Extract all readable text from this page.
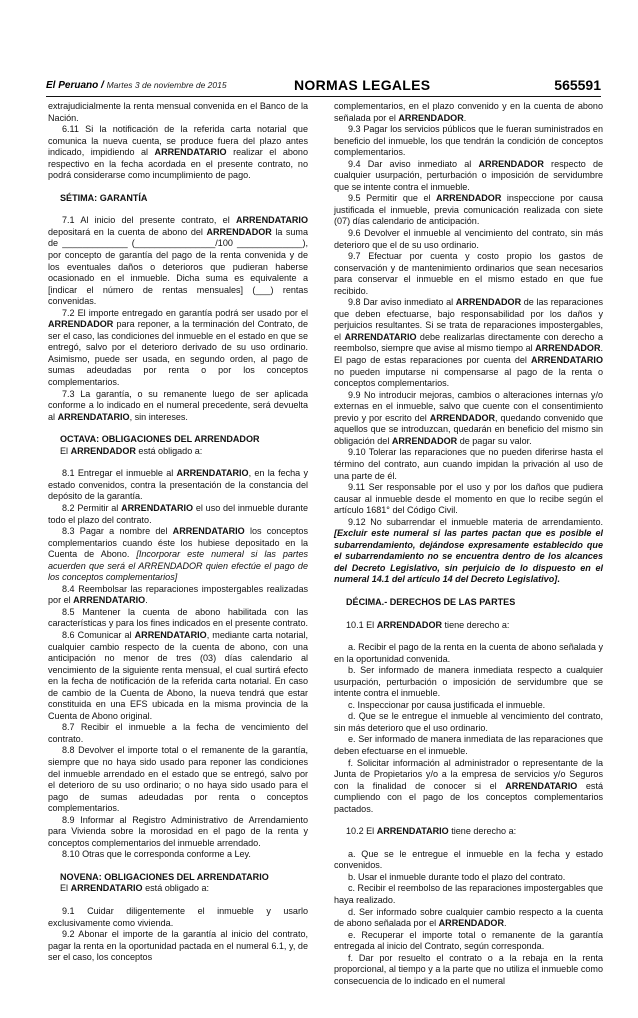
El Peruano / Martes 3 de noviembre de 2015	NORMAS LEGALES	565591

extrajudicialmente la renta mensual convenida en el Banco de la Nación.

6.11 Si la notificación de la referida carta notarial que comunica la nueva cuenta, se produce fuera del plazo antes indicado, impidiendo al ARRENDATARIO realizar el abono respectivo en la fecha acordada en el presente contrato, no podrá considerarse como incumplimiento de pago.

SÉTIMA: GARANTÍA

7.1 Al inicio del presente contrato, el ARRENDATARIO depositará en la cuenta de abono del ARRENDADOR la suma de _____________ (________________/100 _____________), por concepto de garantía del pago de la renta convenida y de los eventuales daños o deterioros que pudieran haberse ocasionado en el inmueble. Dicha suma es equivalente a [indicar el número de rentas mensuales] (___) rentas convenidas.

7.2 El importe entregado en garantía podrá ser usado por el ARRENDADOR para reponer, a la terminación del Contrato, de ser el caso, las condiciones del inmueble en el estado en que se entregó, salvo por el deterioro derivado de su uso ordinario. Asimismo, puede ser usada, en segundo orden, al pago de sumas adeudadas por renta o por los conceptos complementarios.

7.3 La garantía, o su remanente luego de ser aplicada conforme a lo indicado en el numeral precedente, será devuelta al ARRENDATARIO, sin intereses.

OCTAVA: OBLIGACIONES DEL ARRENDADOR

El ARRENDADOR está obligado a:

8.1 Entregar el inmueble al ARRENDATARIO, en la fecha y estado convenidos, contra la presentación de la constancia del depósito de la garantía.

8.2 Permitir al ARRENDATARIO el uso del inmueble durante todo el plazo del contrato.

8.3 Pagar a nombre del ARRENDATARIO los conceptos complementarios cuando éste los hubiese depositado en la Cuenta de Abono. [Incorporar este numeral si las partes acuerden que será el ARRENDADOR quien efectúe el pago de los conceptos complementarios]

8.4 Reembolsar las reparaciones impostergables realizadas por el ARRENDATARIO.

8.5 Mantener la cuenta de abono habilitada con las características y para los fines indicados en el presente contrato.

8.6 Comunicar al ARRENDATARIO, mediante carta notarial, cualquier cambio respecto de la cuenta de abono, con una anticipación no menor de tres (03) días calendario al vencimiento de la siguiente renta mensual, el cual surtirá efecto en la fecha de notificación de la referida carta notarial. En caso de cambio de la Cuenta de Abono, la nueva tendrá que estar constituida en una EFS ubicada en la misma provincia de la Cuenta de Abono original.

8.7 Recibir el inmueble a la fecha de vencimiento del contrato.

8.8 Devolver el importe total o el remanente de la garantía, siempre que no haya sido usado para reponer las condiciones del inmueble arrendado en el estado que se entregó, salvo por el deterioro de su uso ordinario; o no haya sido usado para el pago de sumas adeudadas por renta o conceptos complementarios.

8.9 Informar al Registro Administrativo de Arrendamiento para Vivienda sobre la morosidad en el pago de la renta y conceptos complementarios del inmueble arrendado.

8.10 Otras que le corresponda conforme a Ley.

NOVENA: OBLIGACIONES DEL ARRENDATARIO

El ARRENDATARIO está obligado a:

9.1 Cuidar diligentemente el inmueble y usarlo exclusivamente como vivienda.

9.2 Abonar el importe de la garantía al inicio del contrato, pagar la renta en la oportunidad pactada en el numeral 6.1, y, de ser el caso, los conceptos

complementarios, en el plazo convenido y en la cuenta de abono señalada por el ARRENDADOR.

9.3 Pagar los servicios públicos que le fueran suministrados en beneficio del inmueble, los que tendrán la condición de conceptos complementarios.

9.4 Dar aviso inmediato al ARRENDADOR respecto de cualquier usurpación, perturbación o imposición de servidumbre que se intente contra el inmueble.

9.5 Permitir que el ARRENDADOR inspeccione por causa justificada el inmueble, previa comunicación realizada con siete (07) días calendario de anticipación.

9.6 Devolver el inmueble al vencimiento del contrato, sin más deterioro que el de su uso ordinario.

9.7 Efectuar por cuenta y costo propio los gastos de conservación y de mantenimiento ordinarios que sean necesarios para conservar el inmueble en el mismo estado en que fue recibido.

9.8 Dar aviso inmediato al ARRENDADOR de las reparaciones que deben efectuarse, bajo responsabilidad por los daños y perjuicios resultantes. Si se trata de reparaciones impostergables, el ARRENDATARIO debe realizarlas directamente con derecho a reembolso, siempre que avise al mismo tiempo al ARRENDADOR. El pago de estas reparaciones por cuenta del ARRENDATARIO no pueden imputarse ni compensarse al pago de la renta o conceptos complementarios.

9.9 No introducir mejoras, cambios o alteraciones internas y/o externas en el inmueble, salvo que cuente con el consentimiento previo y por escrito del ARRENDADOR, quedando convenido que aquellos que se introduzcan, quedarán en beneficio del mismo sin obligación del ARRENDADOR de pagar su valor.

9.10 Tolerar las reparaciones que no pueden diferirse hasta el término del contrato, aun cuando impidan la privación al uso de una parte de él.

9.11 Ser responsable por el uso y por los daños que pudiera causar al inmueble desde el momento en que lo recibe según el artículo 1681° del Código Civil.

9.12 No subarrendar el inmueble materia de arrendamiento. [Excluir este numeral si las partes pactan que es posible el subarrendamiento, dejándose expresamente establecido que el subarrendamiento no se encuentra dentro de los alcances del Decreto Legislativo, sin perjuicio de lo dispuesto en el numeral 14.1 del artículo 14 del Decreto Legislativo].

DÉCIMA.- DERECHOS DE LAS PARTES

10.1 El ARRENDADOR tiene derecho a:

a. Recibir el pago de la renta en la cuenta de abono señalada y en la oportunidad convenida.

b. Ser informado de manera inmediata respecto a cualquier usurpación, perturbación o imposición de servidumbre que se intente contra el inmueble.

c. Inspeccionar por causa justificada el inmueble.

d. Que se le entregue el inmueble al vencimiento del contrato, sin más deterioro que el uso ordinario.

e. Ser informado de manera inmediata de las reparaciones que deben efectuarse en el inmueble.

f. Solicitar información al administrador o representante de la Junta de Propietarios y/o a la empresa de servicios y/o Seguros con la finalidad de conocer si el ARRENDATARIO está cumpliendo con el pago de los conceptos complementarios pactados.

10.2 El ARRENDATARIO tiene derecho a:

a. Que se le entregue el inmueble en la fecha y estado convenidos.

b. Usar el inmueble durante todo el plazo del contrato.

c. Recibir el reembolso de las reparaciones impostergables que haya realizado.

d. Ser informado sobre cualquier cambio respecto a la cuenta de abono señalada por el ARRENDADOR.

e. Recuperar el importe total o remanente de la garantía entregada al inicio del Contrato, según corresponda.

f. Dar por resuelto el contrato o a la rebaja en la renta proporcional, al tiempo y a la parte que no utiliza el inmueble como consecuencia de lo indicado en el numeral
